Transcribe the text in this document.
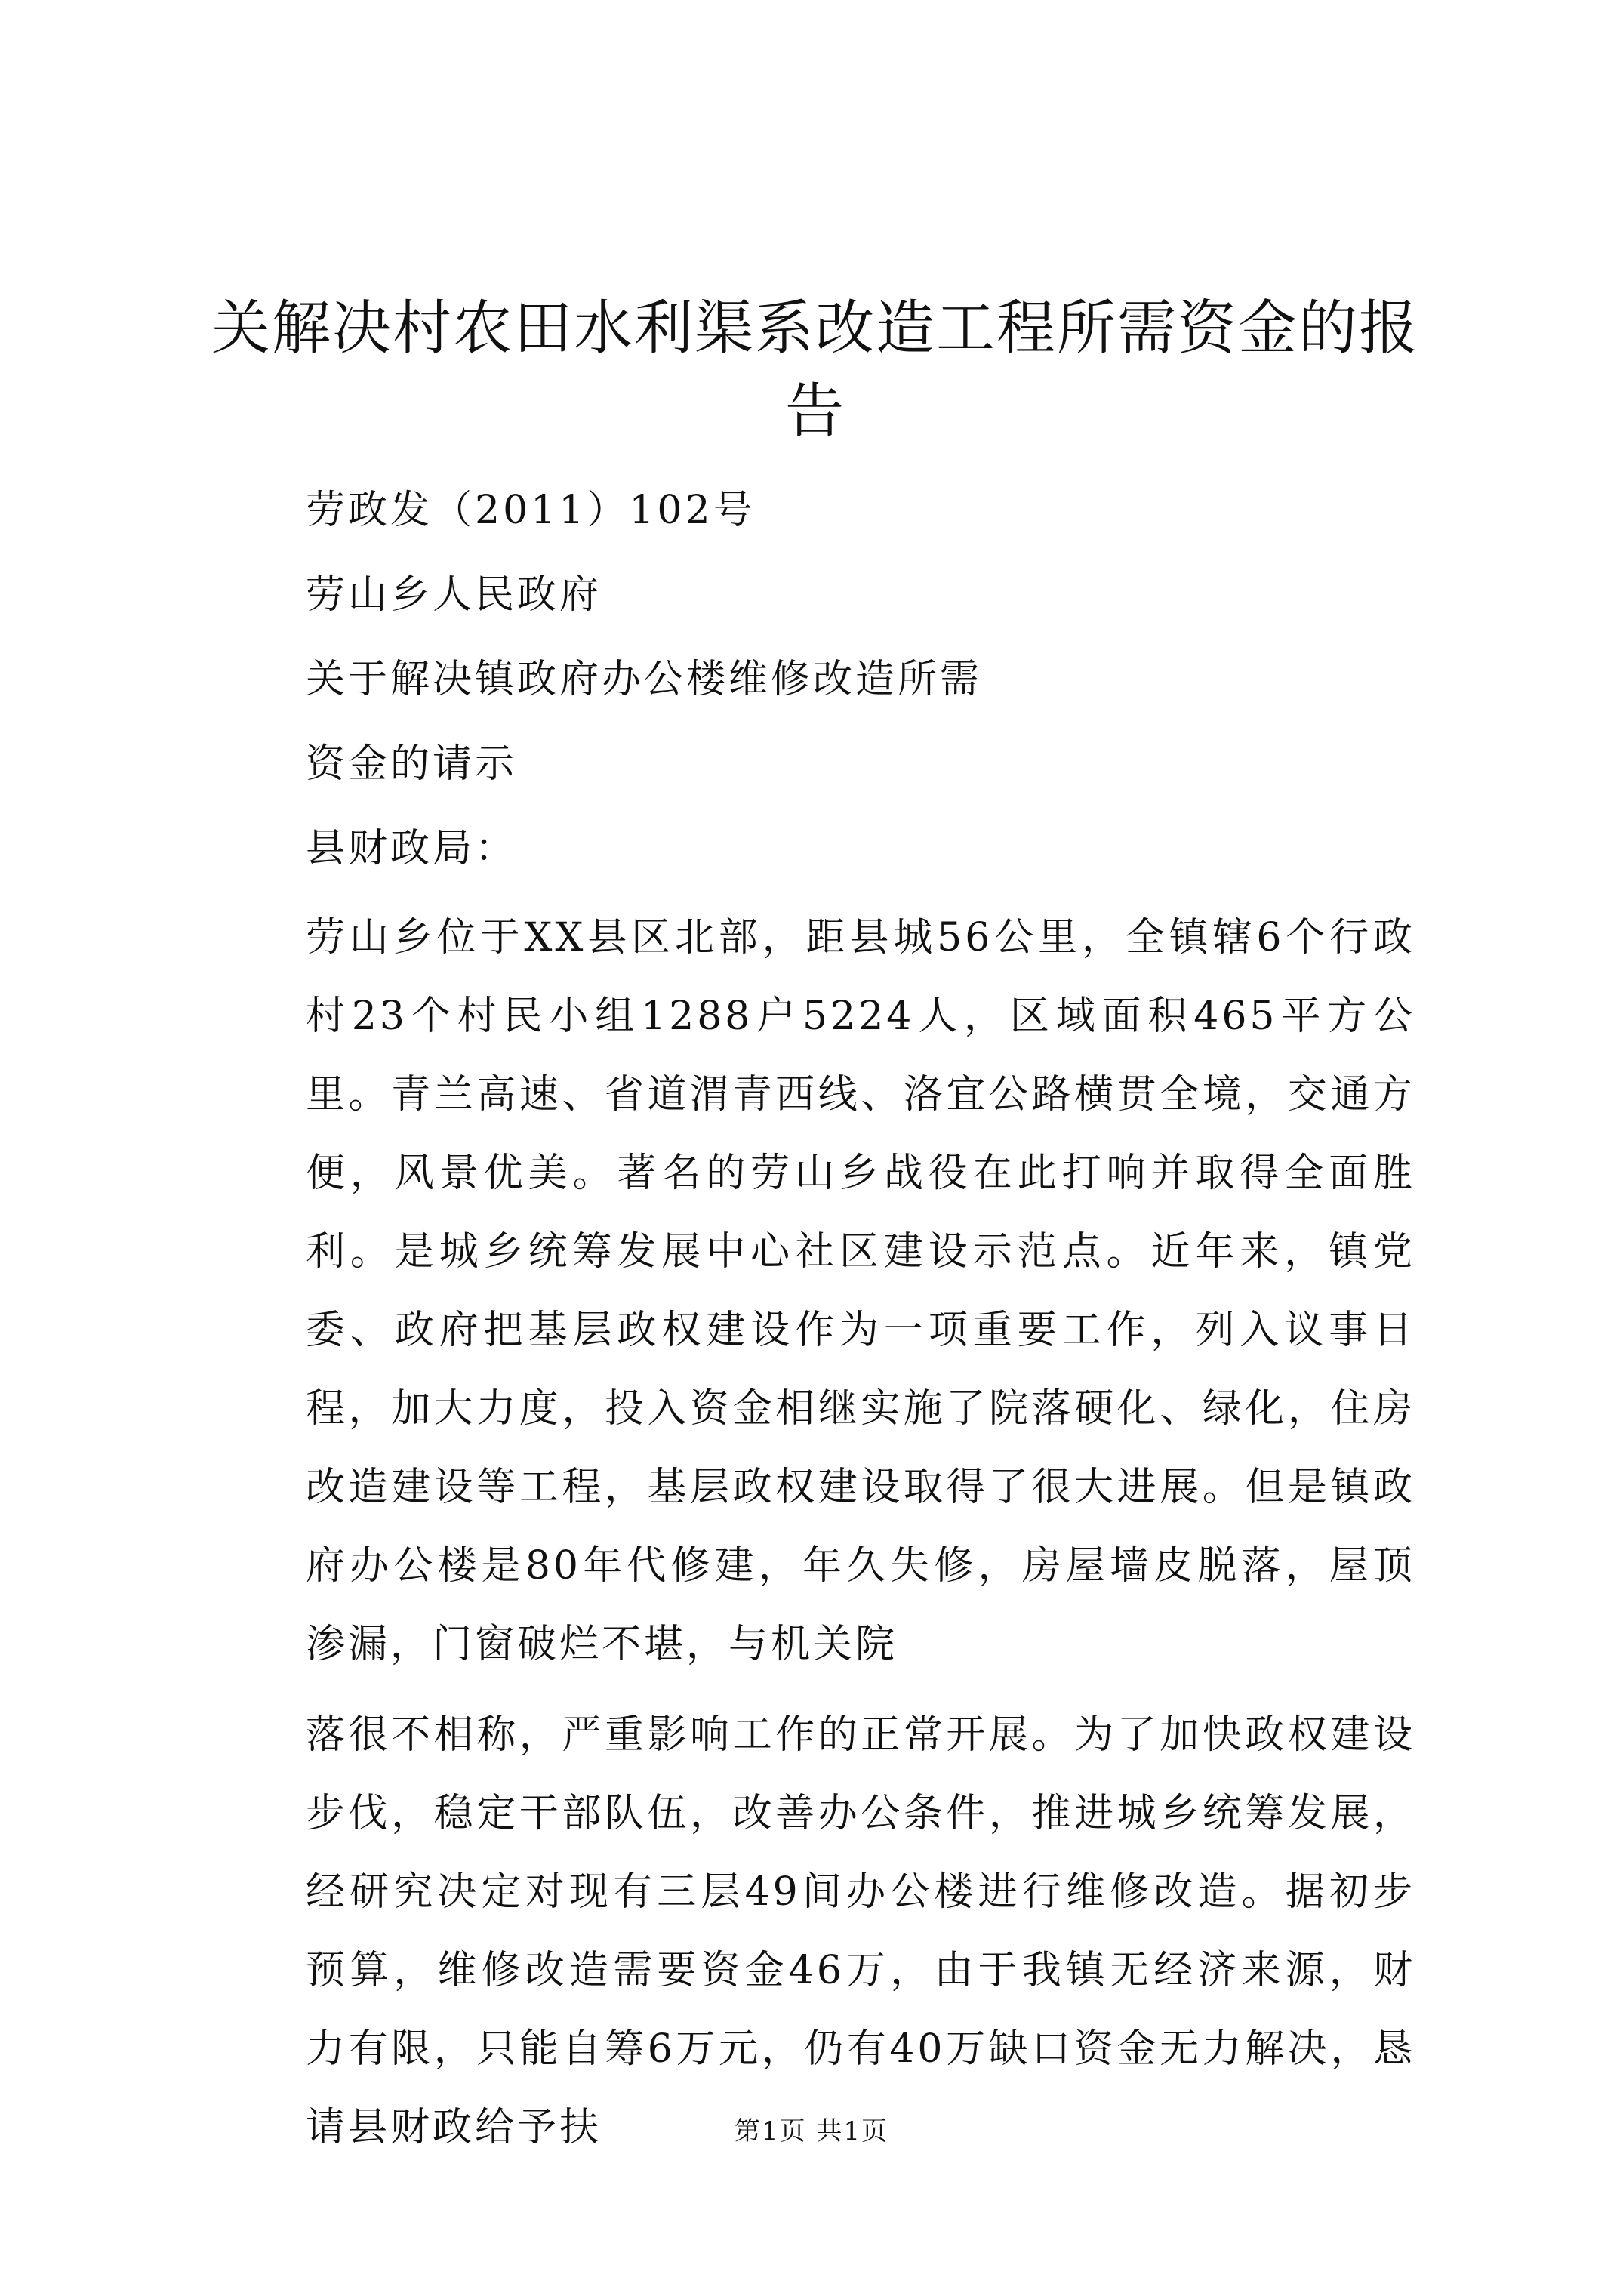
关解决村农田水利渠系改造工程所需资金的报告
劳政发（2011）102号
劳山乡人民政府
关于解决镇政府办公楼维修改造所需
资金的请示
县财政局：
劳山乡位于XX县区北部，距县城56公里，全镇辖6个行政村23个村民小组1288户5224人，区域面积465平方公里。青兰高速、省道渭青西线、洛宜公路横贯全境，交通方便，风景优美。著名的劳山乡战役在此打响并取得全面胜利。是城乡统筹发展中心社区建设示范点。近年来，镇党委、政府把基层政权建设作为一项重要工作，列入议事日程，加大力度，投入资金相继实施了院落硬化、绿化，住房改造建设等工程，基层政权建设取得了很大进展。但是镇政府办公楼是80年代修建，年久失修，房屋墙皮脱落，屋顶渗漏，门窗破烂不堪，与机关院
落很不相称，严重影响工作的正常开展。为了加快政权建设步伐，稳定干部队伍，改善办公条件，推进城乡统筹发展，经研究决定对现有三层49间办公楼进行维修改造。据初步预算，维修改造需要资金46万，由于我镇无经济来源，财力有限，只能自筹6万元，仍有40万缺口资金无力解决，恳请县财政给予扶	第1页 共1页
